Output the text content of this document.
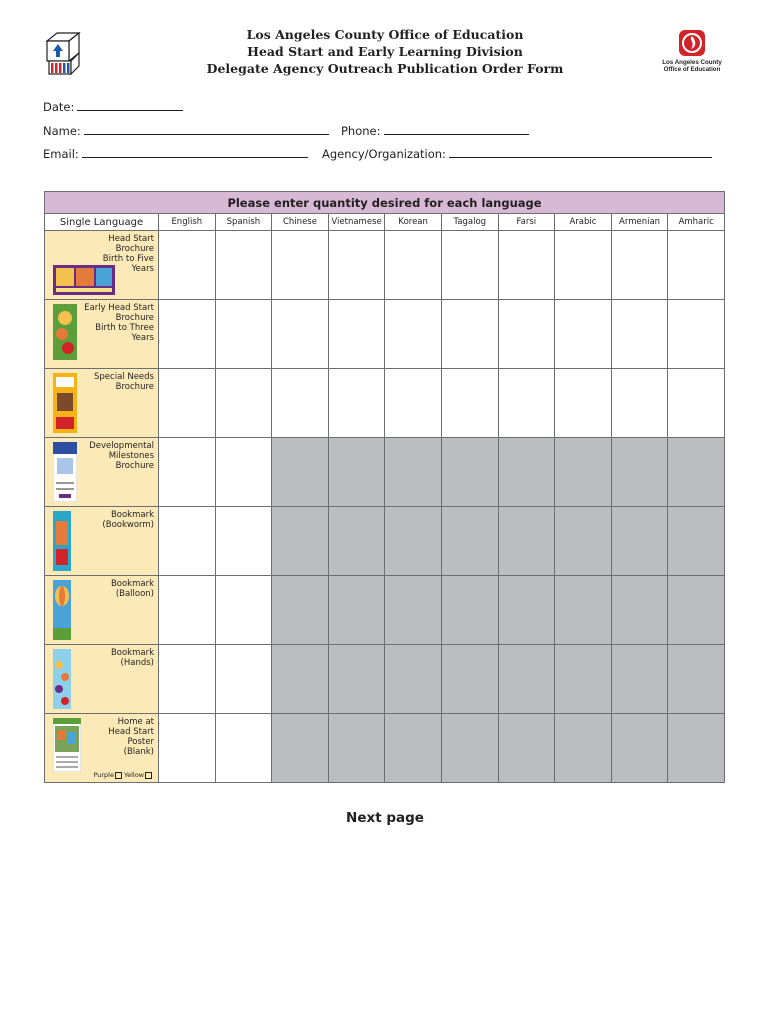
Los Angeles County Office of Education
Head Start and Early Learning Division
Delegate Agency Outreach Publication Order Form	Los Angeles County
Office of Education
Date:
Name:	Phone:
Email:	Agency/Organization:
Please enter quantity desired for each language										
Single Language	English	Spanish	Chinese	Vietnamese	Korean	Tagalog	Farsi	Arabic	Armenian	Amharic

Head Start
Brochure
Birth to Five
Years										

Early Head Start
Brochure
Birth to Three
Years										

Special Needs
Brochure										

Developmental
Milestones
Brochure										

Bookmark
(Bookworm)										

Bookmark
(Balloon)										

Bookmark
(Hands)										

Home at
Head Start
Poster
(Blank)
Purple Yellow										

Next page
